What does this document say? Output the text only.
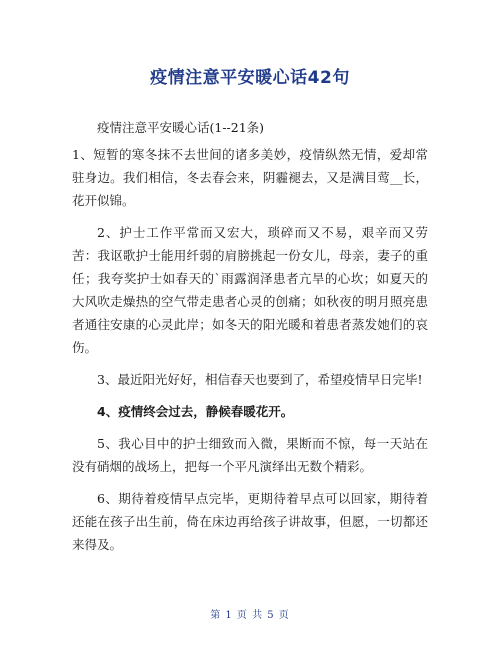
疫情注意平安暖心话42句

疫情注意平安暖心话(1--21条)

1、短暂的寒冬抹不去世间的诸多美妙，疫情纵然无情，爱却常驻身边。我们相信，冬去春会来，阴霾褪去，又是满目莺__长，花开似锦。

2、护士工作平常而又宏大，琐碎而又不易，艰辛而又劳苦：我讴歌护士能用纤弱的肩膀挑起一份女儿，母亲，妻子的重任；我夸奖护士如春天的`雨露润泽患者亢旱的心坎；如夏天的大风吹走燥热的空气带走患者心灵的创痛；如秋夜的明月照亮患者通往安康的心灵此岸；如冬天的阳光暖和着患者蒸发她们的哀伤。

3、最近阳光好好，相信春天也要到了，希望疫情早日完毕!

4、疫情终会过去，静候春暖花开。

5、我心目中的护士细致而入微，果断而不惊，每一天站在没有硝烟的战场上，把每一个平凡演绎出无数个精彩。

6、期待着疫情早点完毕，更期待着早点可以回家，期待着还能在孩子出生前，倚在床边再给孩子讲故事，但愿，一切都还来得及。

第 1 页 共 5 页
